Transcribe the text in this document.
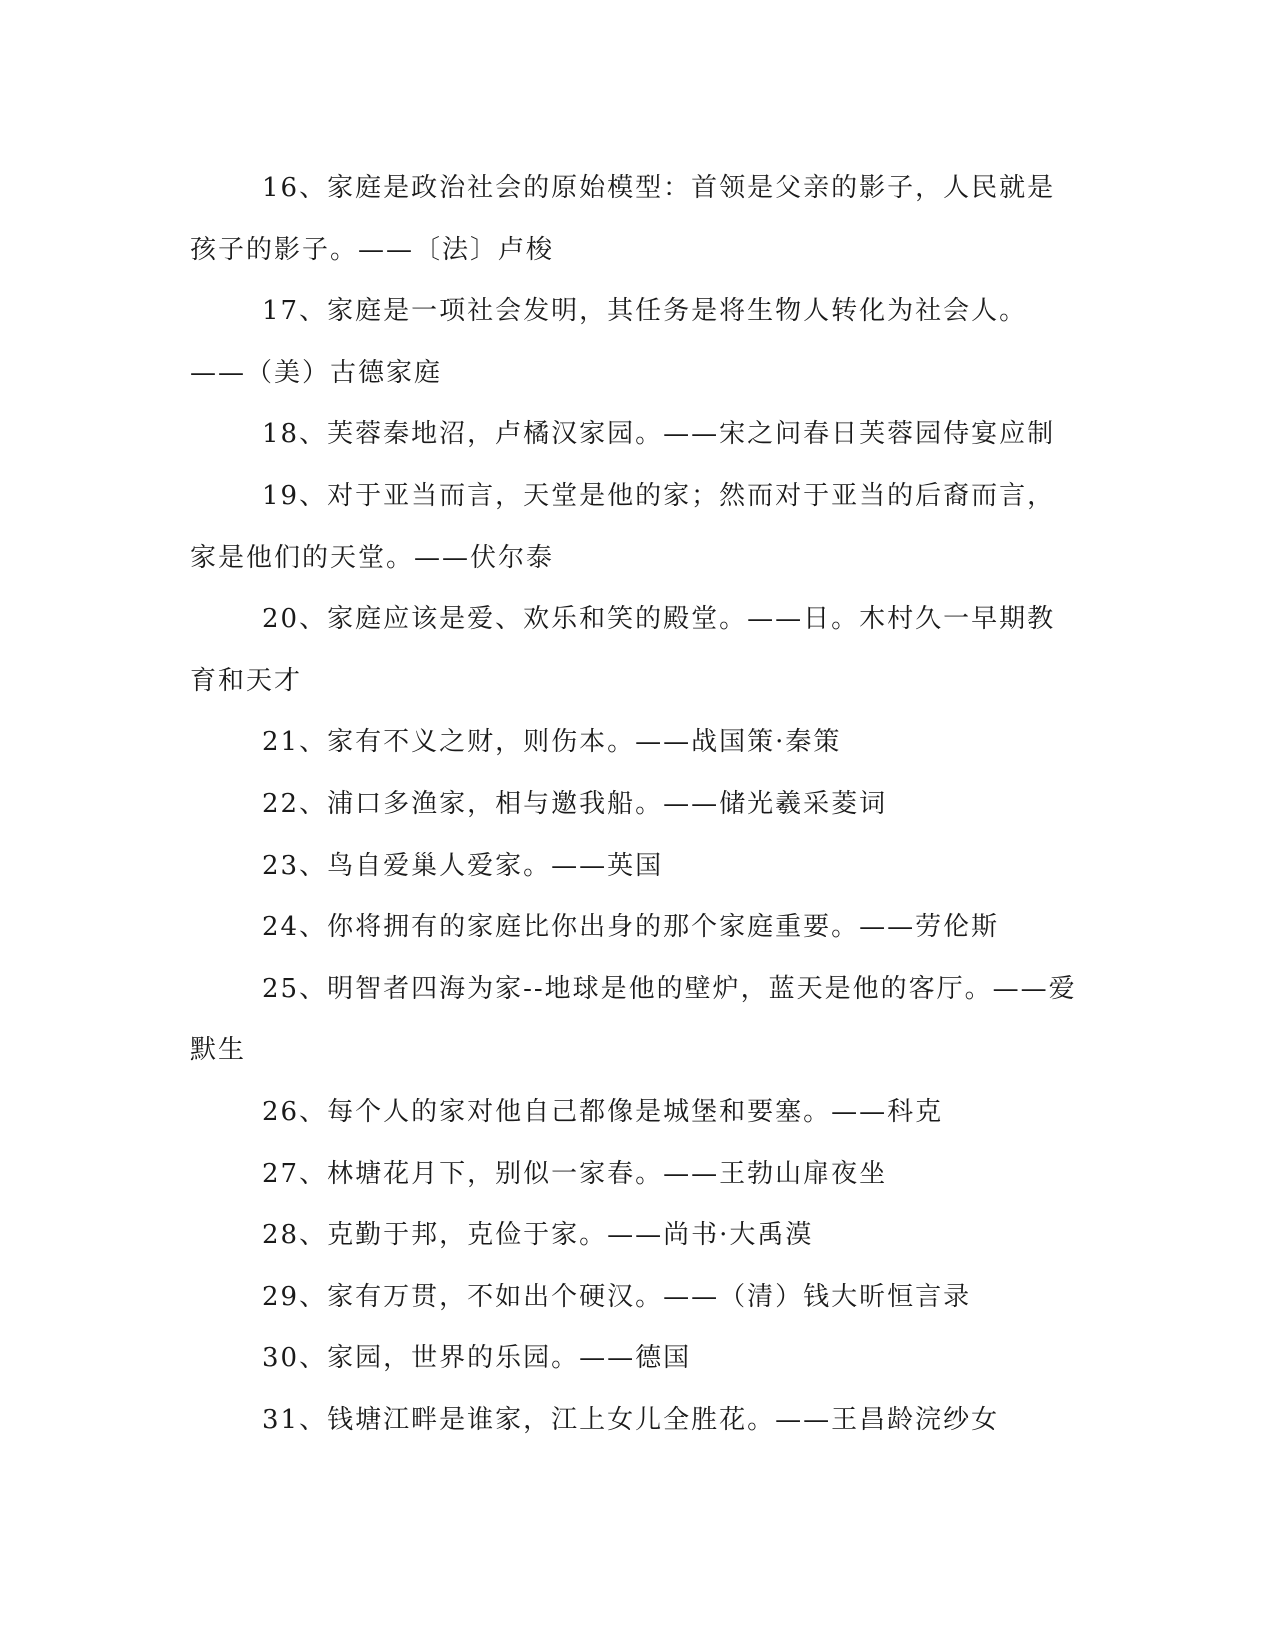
16、家庭是政治社会的原始模型：首领是父亲的影子，人民就是孩子的影子。——〔法〕卢梭

17、家庭是一项社会发明，其任务是将生物人转化为社会人。——（美）古德家庭

18、芙蓉秦地沼，卢橘汉家园。——宋之问春日芙蓉园侍宴应制

19、对于亚当而言，天堂是他的家；然而对于亚当的后裔而言，家是他们的天堂。——伏尔泰

20、家庭应该是爱、欢乐和笑的殿堂。——日。木村久一早期教育和天才

21、家有不义之财，则伤本。——战国策·秦策

22、浦口多渔家，相与邀我船。——储光羲采菱词

23、鸟自爱巢人爱家。——英国

24、你将拥有的家庭比你出身的那个家庭重要。——劳伦斯

25、明智者四海为家--地球是他的壁炉，蓝天是他的客厅。——爱默生

26、每个人的家对他自己都像是城堡和要塞。——科克

27、林塘花月下，别似一家春。——王勃山扉夜坐

28、克勤于邦，克俭于家。——尚书·大禹漠

29、家有万贯，不如出个硬汉。——（清）钱大昕恒言录

30、家园，世界的乐园。——德国

31、钱塘江畔是谁家，江上女儿全胜花。——王昌龄浣纱女
